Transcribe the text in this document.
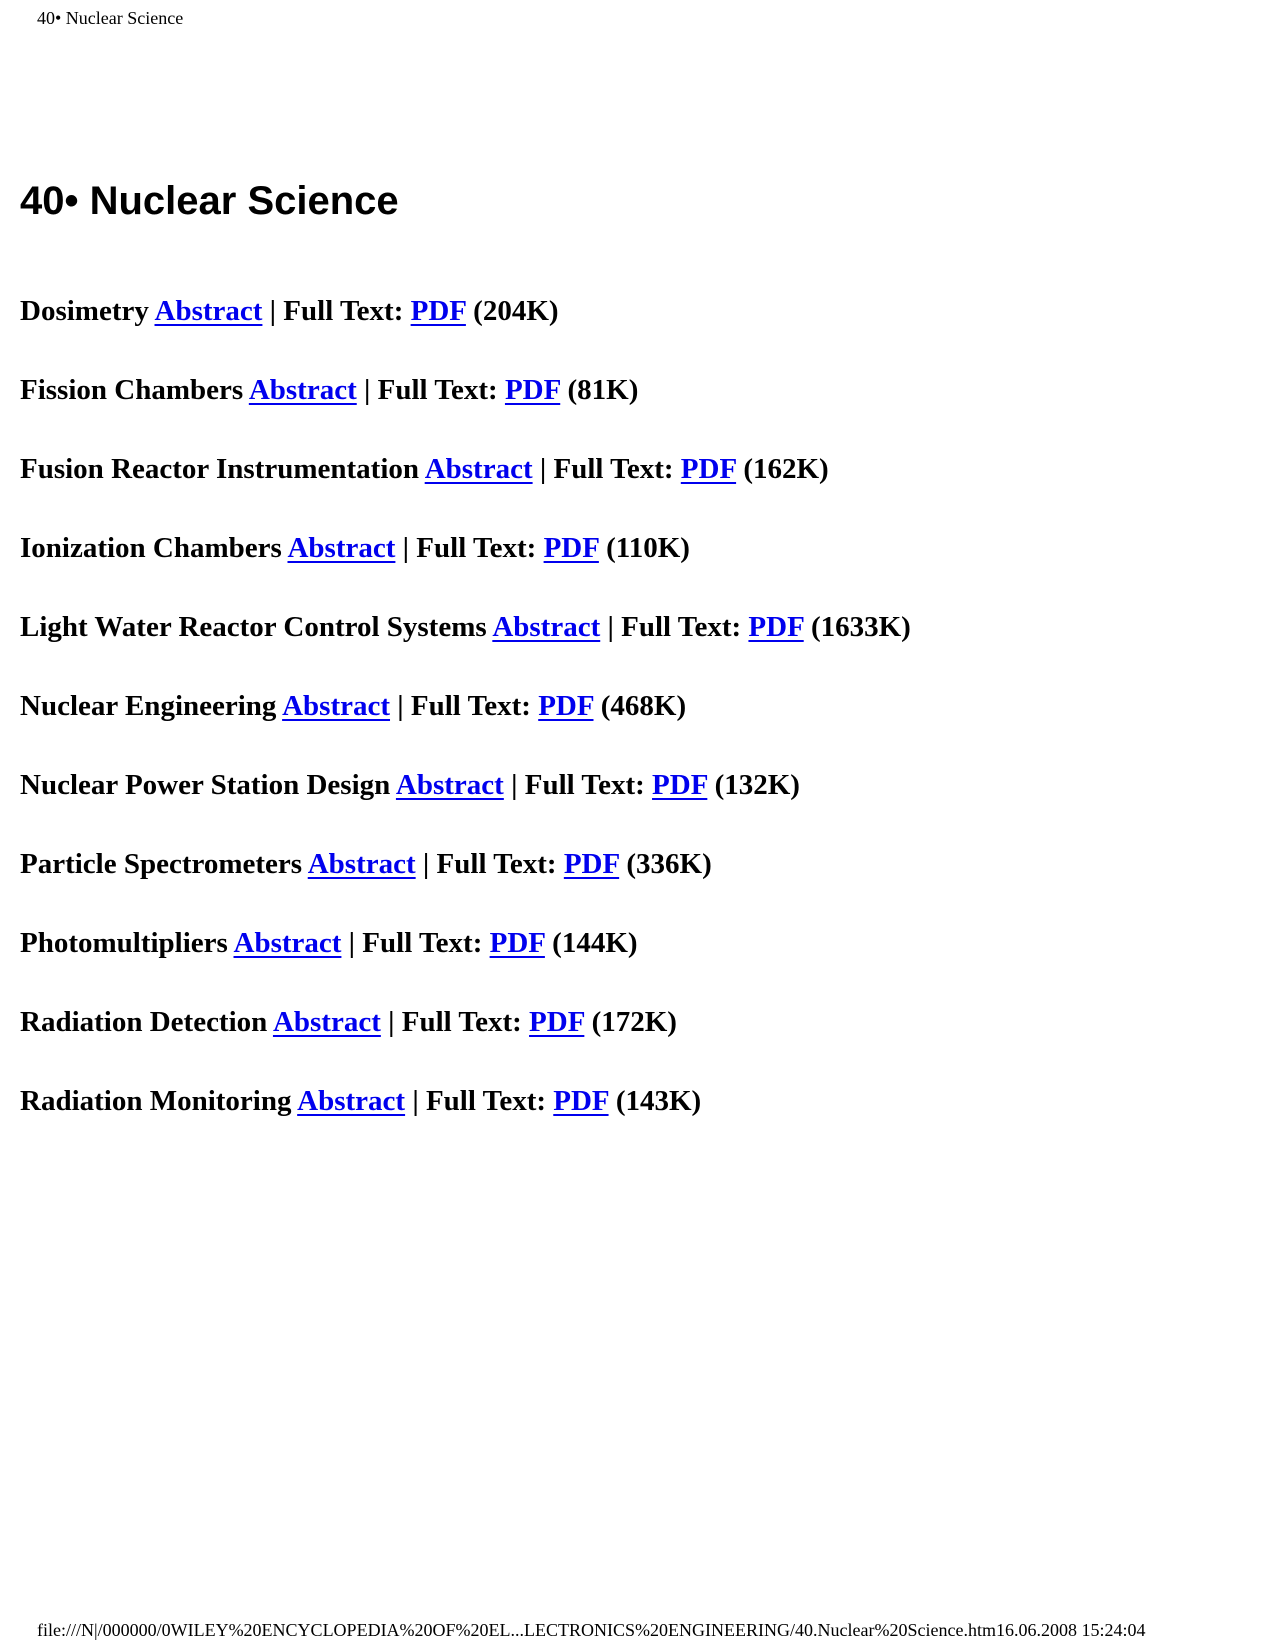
40• Nuclear Science
40• Nuclear Science
Dosimetry Abstract | Full Text: PDF (204K)
Fission Chambers Abstract | Full Text: PDF (81K)
Fusion Reactor Instrumentation Abstract | Full Text: PDF (162K)
Ionization Chambers Abstract | Full Text: PDF (110K)
Light Water Reactor Control Systems Abstract | Full Text: PDF (1633K)
Nuclear Engineering Abstract | Full Text: PDF (468K)
Nuclear Power Station Design Abstract | Full Text: PDF (132K)
Particle Spectrometers Abstract | Full Text: PDF (336K)
Photomultipliers Abstract | Full Text: PDF (144K)
Radiation Detection Abstract | Full Text: PDF (172K)
Radiation Monitoring Abstract | Full Text: PDF (143K)
file:///N|/000000/0WILEY%20ENCYCLOPEDIA%20OF%20EL...LECTRONICS%20ENGINEERING/40.Nuclear%20Science.htm16.06.2008 15:24:04
